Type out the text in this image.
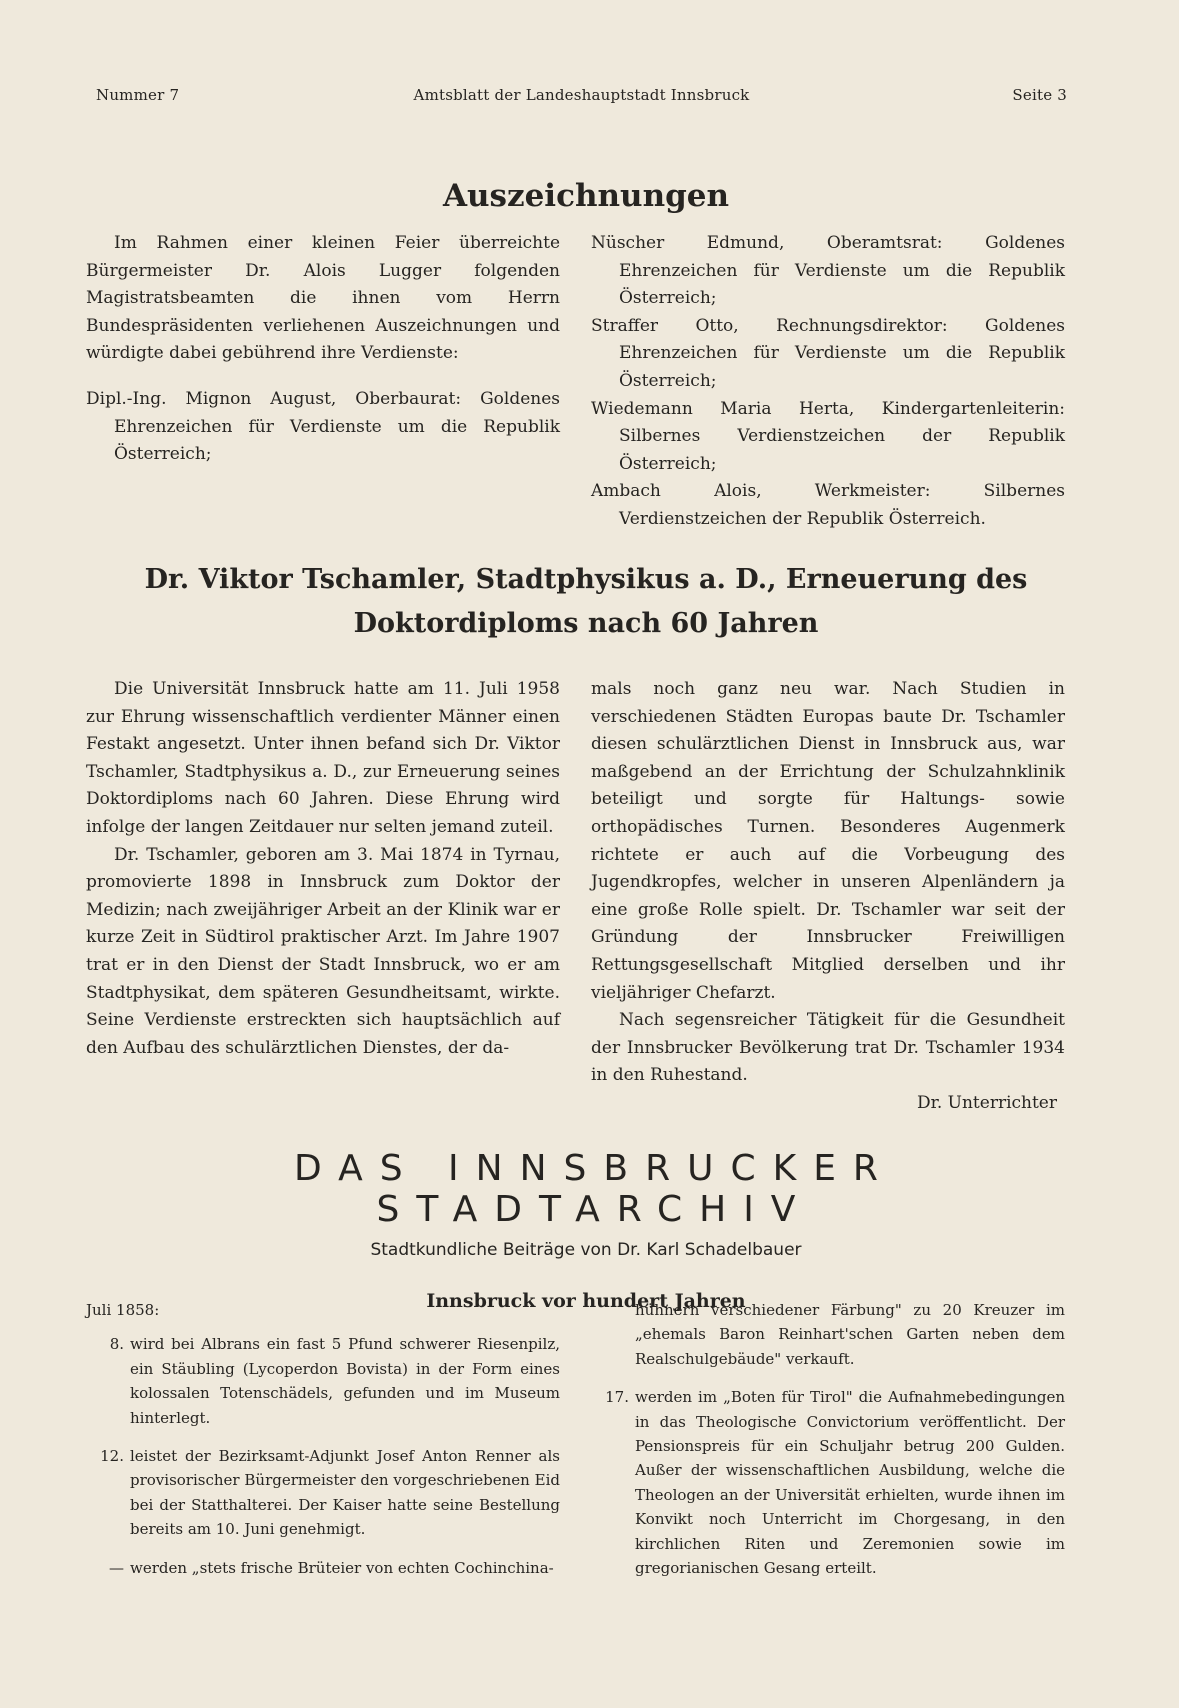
Nummer 7	Amtsblatt der Landeshauptstadt Innsbruck	Seite 3
Auszeichnungen

Im Rahmen einer kleinen Feier überreichte Bürgermeister Dr. Alois Lugger folgenden Magistratsbeamten die ihnen vom Herrn Bundespräsidenten verliehenen Auszeichnungen und würdigte dabei gebührend ihre Verdienste:

Dipl.-Ing. Mignon August, Oberbaurat: Goldenes Ehrenzeichen für Verdienste um die Republik Österreich;

Nüscher Edmund, Oberamtsrat: Goldenes Ehrenzeichen für Verdienste um die Republik Österreich;

Straffer Otto, Rechnungsdirektor: Goldenes Ehrenzeichen für Verdienste um die Republik Österreich;

Wiedemann Maria Herta, Kindergartenleiterin: Silbernes Verdienstzeichen der Republik Österreich;

Ambach Alois, Werkmeister: Silbernes Verdienstzeichen der Republik Österreich.

Dr. Viktor Tschamler, Stadtphysikus a. D., Erneuerung des
Doktordiploms nach 60 Jahren

Die Universität Innsbruck hatte am 11. Juli 1958 zur Ehrung wissenschaftlich verdienter Männer einen Festakt angesetzt. Unter ihnen befand sich Dr. Viktor Tschamler, Stadtphysikus a. D., zur Erneuerung seines Doktordiploms nach 60 Jahren. Diese Ehrung wird infolge der langen Zeitdauer nur selten jemand zuteil.

Dr. Tschamler, geboren am 3. Mai 1874 in Tyrnau, promovierte 1898 in Innsbruck zum Doktor der Medizin; nach zweijähriger Arbeit an der Klinik war er kurze Zeit in Südtirol praktischer Arzt. Im Jahre 1907 trat er in den Dienst der Stadt Innsbruck, wo er am Stadtphysikat, dem späteren Gesundheitsamt, wirkte. Seine Verdienste erstreckten sich hauptsächlich auf den Aufbau des schulärztlichen Dienstes, der da-

mals noch ganz neu war. Nach Studien in verschiedenen Städten Europas baute Dr. Tschamler diesen schulärztlichen Dienst in Innsbruck aus, war maßgebend an der Errichtung der Schulzahnklinik beteiligt und sorgte für Haltungs- sowie orthopädisches Turnen. Besonderes Augenmerk richtete er auch auf die Vorbeugung des Jugendkropfes, welcher in unseren Alpenländern ja eine große Rolle spielt. Dr. Tschamler war seit der Gründung der Innsbrucker Freiwilligen Rettungsgesellschaft Mitglied derselben und ihr vieljähriger Chefarzt.

Nach segensreicher Tätigkeit für die Gesundheit der Innsbrucker Bevölkerung trat Dr. Tschamler 1934 in den Ruhestand.

Dr. Unterrichter

DAS INNSBRUCKER STADTARCHIV
Stadtkundliche Beiträge von Dr. Karl Schadelbauer
Innsbruck vor hundert Jahren

Juli 1858:

8. wird bei Albrans ein fast 5 Pfund schwerer Riesenpilz, ein Stäubling (Lycoperdon Bovista) in der Form eines kolossalen Totenschädels, gefunden und im Museum hinterlegt.
12. leistet der Bezirksamt-Adjunkt Josef Anton Renner als provisorischer Bürgermeister den vorgeschriebenen Eid bei der Statthalterei. Der Kaiser hatte seine Bestellung bereits am 10. Juni genehmigt.
— werden „stets frische Brüteier von echten Cochinchina-

hühnern verschiedener Färbung" zu 20 Kreuzer im „ehemals Baron Reinhart'schen Garten neben dem Realschulgebäude" verkauft.

17. werden im „Boten für Tirol" die Aufnahmebedingungen in das Theologische Convictorium veröffentlicht. Der Pensionspreis für ein Schuljahr betrug 200 Gulden. Außer der wissenschaftlichen Ausbildung, welche die Theologen an der Universität erhielten, wurde ihnen im Konvikt noch Unterricht im Chorgesang, in den kirchlichen Riten und Zeremonien sowie im gregorianischen Gesang erteilt.
